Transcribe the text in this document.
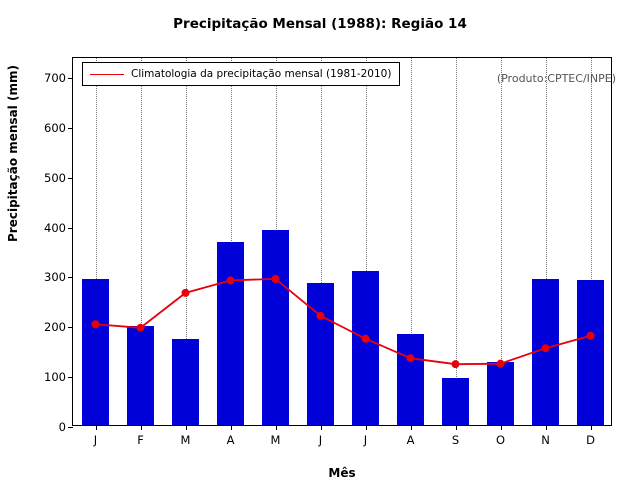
Precipitação Mensal (1988): Região 14
Precipitação mensal (mm)
Mês
0
100
200
300
400
500
600
700
J	F	M	A	M	J	J	A	S	O	N	D
Climatologia da precipitação mensal (1981-2010)	(Produto:CPTEC/INPE)
